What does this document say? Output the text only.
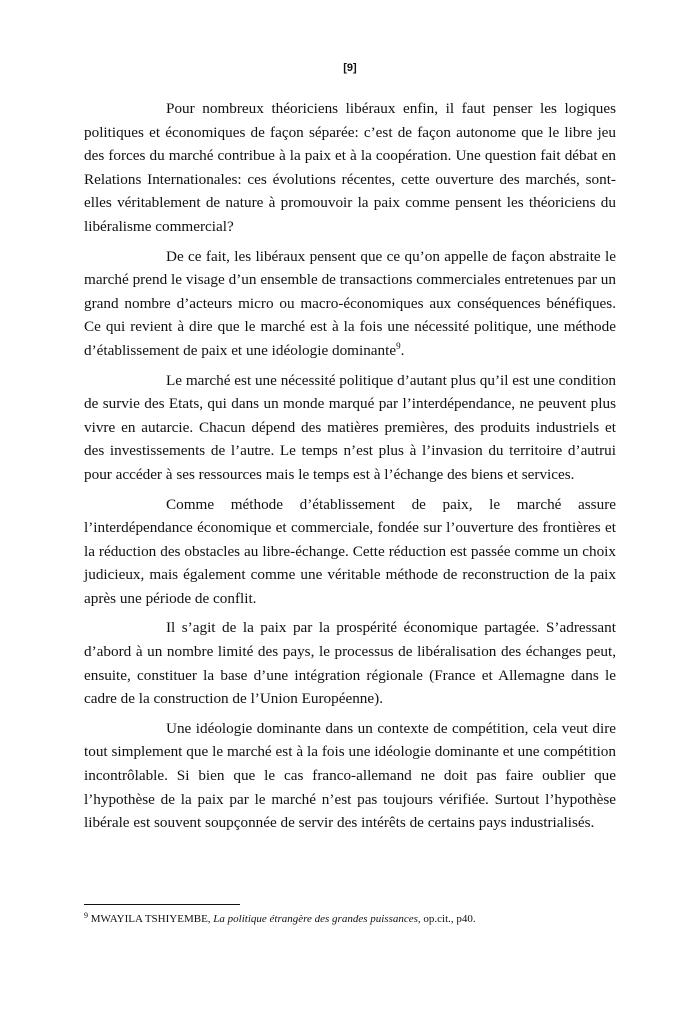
[9]

Pour nombreux théoriciens libéraux enfin, il faut penser les logiques politiques et économiques de façon séparée: c’est de façon autonome que le libre jeu des forces du marché contribue à la paix et à la coopération. Une question fait débat en Relations Internationales: ces évolutions récentes, cette ouverture des marchés, sont-elles véritablement de nature à promouvoir la paix comme pensent les théoriciens du libéralisme commercial?

De ce fait, les libéraux pensent que ce qu’on appelle de façon abstraite le marché prend le visage d’un ensemble de transactions commerciales entretenues par un grand nombre d’acteurs micro ou macro-économiques aux conséquences bénéfiques. Ce qui revient à dire que le marché est à la fois une nécessité politique, une méthode d’établissement de paix et une idéologie dominante$^9$.

Le marché est une nécessité politique d’autant plus qu’il est une condition de survie des Etats, qui dans un monde marqué par l’interdépendance, ne peuvent plus vivre en autarcie. Chacun dépend des matières premières, des produits industriels et des investissements de l’autre. Le temps n’est plus à l’invasion du territoire d’autrui pour accéder à ses ressources mais le temps est à l’échange des biens et services.

Comme méthode d’établissement de paix, le marché assure l’interdépendance économique et commerciale, fondée sur l’ouverture des frontières et la réduction des obstacles au libre-échange. Cette réduction est passée comme un choix judicieux, mais également comme une véritable méthode de reconstruction de la paix après une période de conflit.

Il s’agit de la paix par la prospérité économique partagée. S’adressant d’abord à un nombre limité des pays, le processus de libéralisation des échanges peut, ensuite, constituer la base d’une intégration régionale (France et Allemagne dans le cadre de la construction de l’Union Européenne).

Une idéologie dominante dans un contexte de compétition, cela veut dire tout simplement que le marché est à la fois une idéologie dominante et une compétition incontrôlable. Si bien que le cas franco-allemand ne doit pas faire oublier que l’hypothèse de la paix par le marché n’est pas toujours vérifiée. Surtout l’hypothèse libérale est souvent soupçonnée de servir des intérêts de certains pays industrialisés.

$^9$ MWAYILA TSHIYEMBE, La politique étrangère des grandes puissances, op.cit., p40.
